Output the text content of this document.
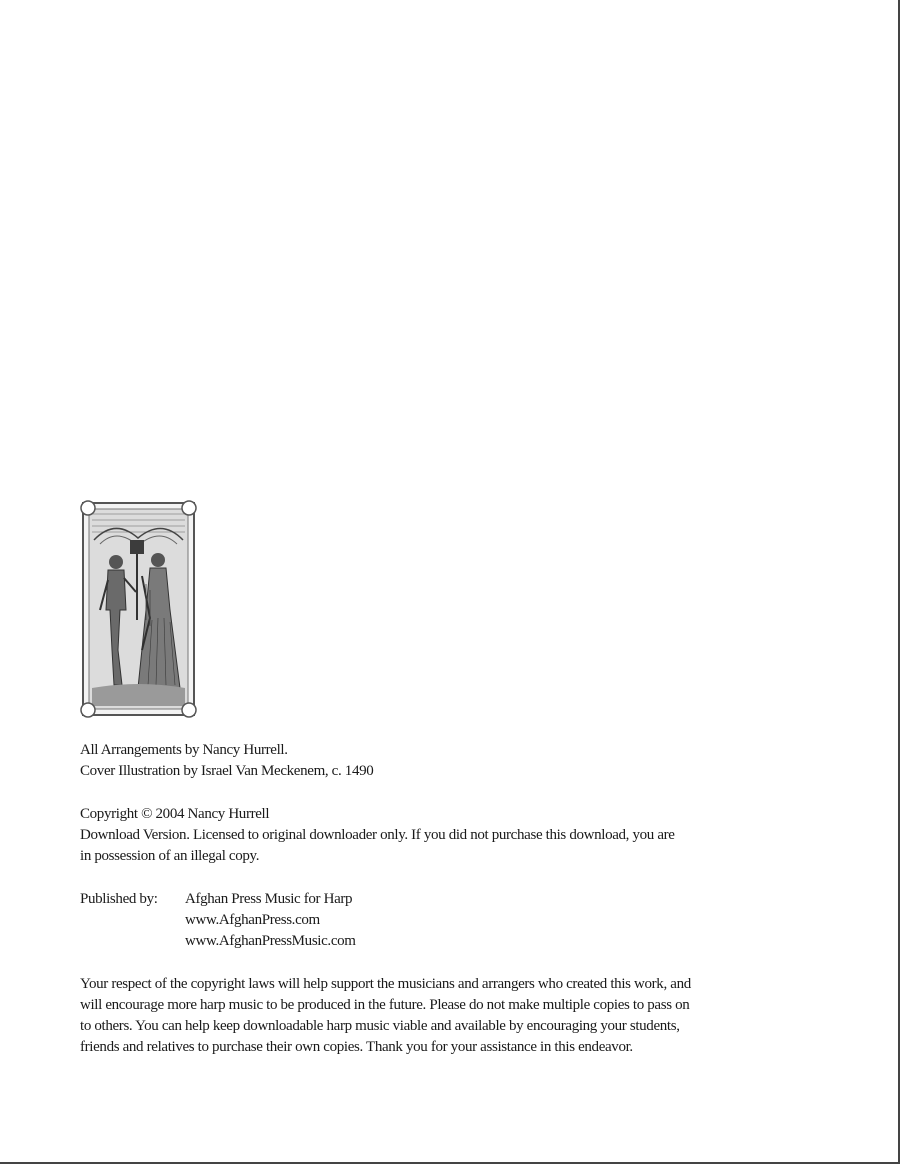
All Arrangements by Nancy Hurrell.
Cover Illustration by Israel Van Meckenem, c. 1490
Copyright © 2004 Nancy Hurrell
Download Version. Licensed to original downloader only. If you did not purchase this download, you are
in possession of an illegal copy.
Published by:	Afghan Press Music for Harp
www.AfghanPress.com
www.AfghanPressMusic.com
Your respect of the copyright laws will help support the musicians and arrangers who created this work, and
will encourage more harp music to be produced in the future. Please do not make multiple copies to pass on
to others. You can help keep downloadable harp music viable and available by encouraging your students,
friends and relatives to purchase their own copies. Thank you for your assistance in this endeavor.
